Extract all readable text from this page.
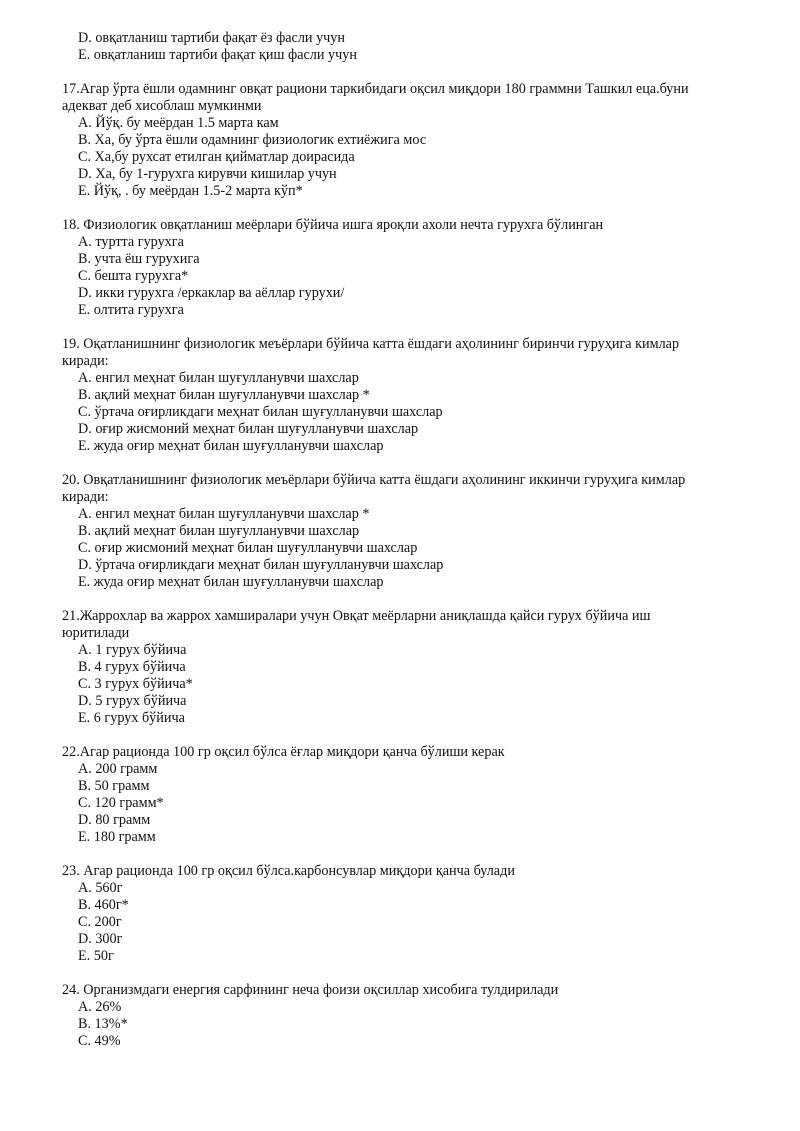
D. овқатланиш тартиби фақат ёз фасли учун
E. овқатланиш тартиби фақат қиш фасли учун
17.Агар ўрта ёшли одамнинг овқат рациони таркибидаги оқсил миқдори 180 граммни Ташкил еца.буни
адекват деб хисоблаш мумкинми
A. Йўқ. бу меёрдан 1.5 марта кам
B. Ха, бу ўрта ёшли одамнинг физиологик ехтиёжига мос
C. Ха,бу рухсат етилган қийматлар доирасида
D. Ха, бу 1-гурухга кирувчи кишилар учун
E. Йўқ, . бу меёрдан 1.5-2 марта кўп*
18. Физиологик овқатланиш меёрлари бўйича ишга яроқли ахоли нечта гурухга бўлинган
A. туртта гурухга
B. учта ёш гурухига
C. бешта гурухга*
D. икки гурухга /еркаклар ва аёллар гурухи/
E. олтита гурухга
19. Оқатланишнинг физиологик меъёрлари бўйича катта ёшдаги аҳолининг биринчи гуруҳига кимлар
киради:
A. енгил меҳнат билан шуғулланувчи шахслар
B. ақлий меҳнат билан шуғулланувчи шахслар *
C. ўртача оғирликдаги меҳнат билан шуғулланувчи шахслар
D. оғир жисмоний меҳнат билан шуғулланувчи шахслар
E. жуда оғир меҳнат билан шуғулланувчи шахслар
20. Овқатланишнинг физиологик меъёрлари бўйича катта ёшдаги аҳолининг иккинчи гуруҳига кимлар
киради:
A. енгил меҳнат билан шуғулланувчи шахслар *
B. ақлий меҳнат билан шуғулланувчи шахслар
C. оғир жисмоний меҳнат билан шуғулланувчи шахслар
D. ўртача оғирликдаги меҳнат билан шуғулланувчи шахслар
E. жуда оғир меҳнат билан шуғулланувчи шахслар
21.Жаррохлар ва жаррох хамширалари учун Овқат меёрларни аниқлашда қайси гурух бўйича иш
юритилади
A. 1 гурух бўйича
B. 4 гурух бўйича
C. 3 гурух бўйича*
D. 5 гурух бўйича
E. 6 гурух бўйича
22.Агар рационда 100 гр оқсил бўлса ёғлар миқдори қанча бўлиши керак
A. 200 грамм
B. 50 грамм
C. 120 грамм*
D. 80 грамм
E. 180 грамм
23. Агар рационда 100 гр оқсил бўлса.карбонсувлар миқдори қанча булади
A. 560г
B. 460г*
C. 200г
D. 300г
E. 50г
24. Организмдаги енергия сарфининг неча фоизи оқсиллар хисобига тулдирилади
A. 26%
B. 13%*
C. 49%
